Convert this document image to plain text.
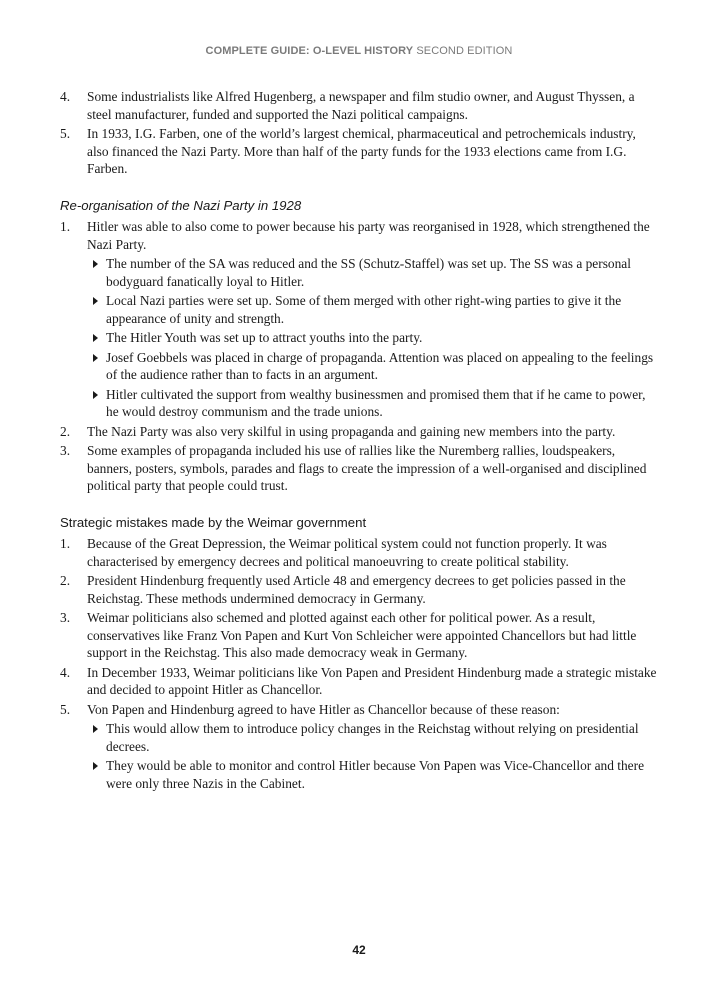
COMPLETE GUIDE: O-LEVEL HISTORY SECOND EDITION
4. Some industrialists like Alfred Hugenberg, a newspaper and film studio owner, and August Thyssen, a steel manufacturer, funded and supported the Nazi political campaigns.
5. In 1933, I.G. Farben, one of the world’s largest chemical, pharmaceutical and petrochemicals industry, also financed the Nazi Party. More than half of the party funds for the 1933 elections came from I.G. Farben.
Re-organisation of the Nazi Party in 1928
1. Hitler was able to also come to power because his party was reorganised in 1928, which strengthened the Nazi Party.
The number of the SA was reduced and the SS (Schutz-Staffel) was set up. The SS was a personal bodyguard fanatically loyal to Hitler.
Local Nazi parties were set up. Some of them merged with other right-wing parties to give it the appearance of unity and strength.
The Hitler Youth was set up to attract youths into the party.
Josef Goebbels was placed in charge of propaganda. Attention was placed on appealing to the feelings of the audience rather than to facts in an argument.
Hitler cultivated the support from wealthy businessmen and promised them that if he came to power, he would destroy communism and the trade unions.
2. The Nazi Party was also very skilful in using propaganda and gaining new members into the party.
3. Some examples of propaganda included his use of rallies like the Nuremberg rallies, loudspeakers, banners, posters, symbols, parades and flags to create the impression of a well-organised and disciplined political party that people could trust.
Strategic mistakes made by the Weimar government
1. Because of the Great Depression, the Weimar political system could not function properly. It was characterised by emergency decrees and political manoeuvring to create political stability.
2. President Hindenburg frequently used Article 48 and emergency decrees to get policies passed in the Reichstag. These methods undermined democracy in Germany.
3. Weimar politicians also schemed and plotted against each other for political power. As a result, conservatives like Franz Von Papen and Kurt Von Schleicher were appointed Chancellors but had little support in the Reichstag. This also made democracy weak in Germany.
4. In December 1933, Weimar politicians like Von Papen and President Hindenburg made a strategic mistake and decided to appoint Hitler as Chancellor.
5. Von Papen and Hindenburg agreed to have Hitler as Chancellor because of these reason:
This would allow them to introduce policy changes in the Reichstag without relying on presidential decrees.
They would be able to monitor and control Hitler because Von Papen was Vice-Chancellor and there were only three Nazis in the Cabinet.
42
